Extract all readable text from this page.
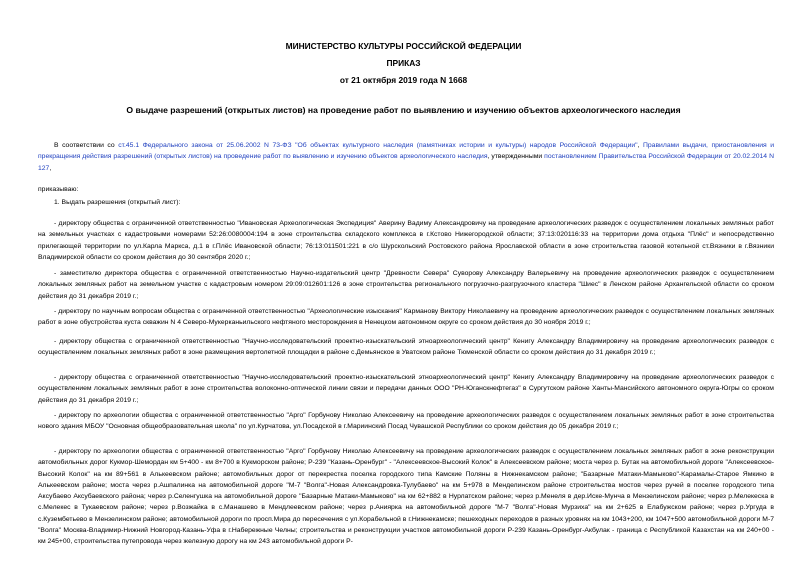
МИНИСТЕРСТВО КУЛЬТУРЫ РОССИЙСКОЙ ФЕДЕРАЦИИ
ПРИКАЗ
от 21 октября 2019 года N 1668
О выдаче разрешений (открытых листов) на проведение работ по выявлению и изучению объектов археологического наследия
В соответствии со ст.45.1 Федерального закона от 25.06.2002 N 73-ФЗ "Об объектах культурного наследия (памятниках истории и культуры) народов Российской Федерации", Правилами выдачи, приостановления и прекращения действия разрешений (открытых листов) на проведение работ по выявлению и изучению объектов археологического наследия, утвержденными постановлением Правительства Российской Федерации от 20.02.2014 N 127,
приказываю:
1. Выдать разрешения (открытый лист):
- директору общества с ограниченной ответственностью "Ивановская Археологическая Экспедиция" Аверину Вадиму Александровичу на проведение археологических разведок с осуществлением локальных земляных работ на земельных участках с кадастровыми номерами 52:26:0080004:194 в зоне строительства складского комплекса в г.Кстово Нижегородской области; 37:13:020116:33 на территории дома отдыха "Плёс" и непосредственно прилегающей территории по ул.Карла Маркса, д.1 в г.Плёс Ивановской области; 76:13:011501:221 в с/о Шурскольский Ростовского района Ярославской области в зоне строительства газовой котельной ст.Вязники в г.Вязники Владимирской области со сроком действия до 30 сентября 2020 г.;
- заместителю директора общества с ограниченной ответственностью Научно-издательский центр "Древности Севера" Суворову Александру Валерьевичу на проведение археологических разведок с осуществлением локальных земляных работ на земельном участке с кадастровым номером 29:09:012601:126 в зоне строительства регионального погрузочно-разгрузочного кластера "Шиес" в Ленском районе Архангельской области со сроком действия до 31 декабря 2019 г.;
- директору по научным вопросам общества с ограниченной ответственностью "Археологические изыскания" Карманову Виктору Николаевичу на проведение археологических разведок с осуществлением локальных земляных работ в зоне обустройства куста скважин N 4 Северо-Мукерканьильского нефтяного месторождения в Ненецком автономном округе со сроком действия до 30 ноября 2019 г.;
- директору общества с ограниченной ответственностью "Научно-исследовательский проектно-изыскательский этноархеологический центр" Кенигу Александру Владимировичу на проведение археологических разведок с осуществлением локальных земляных работ в зоне размещения вертолетной площадки в районе с.Демьянское в Уватском районе Тюменской области со сроком действия до 31 декабря 2019 г.;
- директору общества с ограниченной ответственностью "Научно-исследовательский проектно-изыскательский этноархеологический центр" Кенигу Александру Владимировичу на проведение археологических разведок с осуществлением локальных земляных работ в зоне строительства волоконно-оптической линии связи и передачи данных ООО "РН-Юганскнефтегаз" в Сургутском районе Ханты-Мансийского автономного округа-Югры со сроком действия до 31 декабря 2019 г.;
- директору по археологии общества с ограниченной ответственностью "Арго" Горбунову Николаю Алексеевичу на проведение археологических разведок с осуществлением локальных земляных работ в зоне строительства нового здания МБОУ "Основная общеобразовательная школа" по ул.Курчатова, ул.Посадской в г.Мариинский Посад Чувашской Республики со сроком действия до 05 декабря 2019 г.;
- директору по археологии общества с ограниченной ответственностью "Арго" Горбунову Николаю Алексеевичу на проведение археологических разведок с осуществлением локальных земляных работ в зоне реконструкции автомобильных дорог Кукмор-Шемордан км 5+400 - км 8+700 в Кукморском районе; Р-239 "Казань-Оренбург" - "Алексеевское-Высокий Колок" в Алексеевском районе; моста через р. Бутак на автомобильной дороге "Алексеевское-Высокий Колок" на км 89+561 в Алькеевском районе; автомобильных дорог от перекрестка поселка городского типа Камские Поляны в Нижнекамском районе; "Базарные Матаки-Мамыково"-Карамалы-Старое Ямкино в Алькеевском районе; моста через р.Ашпалинка на автомобильной дороге "М-7 "Волга"-Новая Александровка-Тулубаево" на км 5+978 в Менделинском районе строительства мостов через ручей в поселке городского типа Аксубаево Аксубаевского района; через р.Селенгушка на автомобильной дороге "Базарные Матаки-Мамыково" на км 62+882 в Нурлатском районе; через р.Менеля в дер.Иске-Мунча в Мензелинском районе; через р.Мелекеска в с.Мелекес в Тукаевском районе; через р.Возжайка в с.Манашево в Мендлеевском районе; через р.Аниярка на автомобильной дороге "М-7 "Волга"-Новая Мурзиха" на км 2+625 в Елабужском районе; через р.Ургуда в с.Кузембетьево в Мензелинском районе; автомобильной дороги по просп.Мира до пересечения с ул.Корабельной в г.Нижнекамске; пешеходных переходов в разных уровнях на км 1043+200, км 1047+500 автомобильной дороги М-7 "Волга" Москва-Владимир-Нижний Новгород-Казань-Уфа в г.Набережные Челны; строительства и реконструкции участков автомобильной дороги Р-239 Казань-Оренбург-Акбулак - граница с Республикой Казахстан на км 240+00 - км 245+00, строительства путепровода через железную дорогу на км 243 автомобильной дороги Р-
